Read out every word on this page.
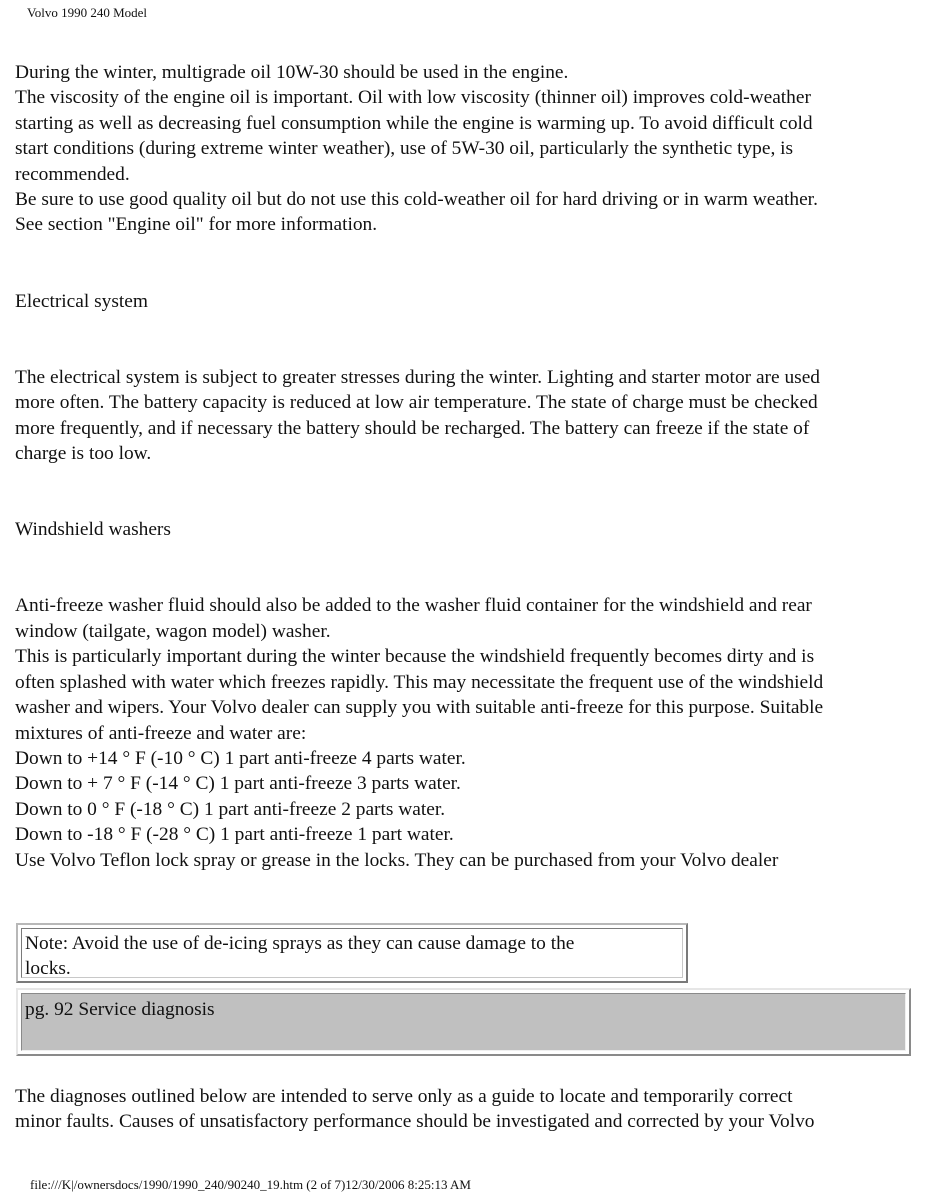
Volvo 1990 240 Model
During the winter, multigrade oil 10W-30 should be used in the engine.
The viscosity of the engine oil is important. Oil with low viscosity (thinner oil) improves cold-weather
starting as well as decreasing fuel consumption while the engine is warming up. To avoid difficult cold
start conditions (during extreme winter weather), use of 5W-30 oil, particularly the synthetic type, is
recommended.
Be sure to use good quality oil but do not use this cold-weather oil for hard driving or in warm weather.
See section "Engine oil" for more information.
Electrical system
The electrical system is subject to greater stresses during the winter. Lighting and starter motor are used
more often. The battery capacity is reduced at low air temperature. The state of charge must be checked
more frequently, and if necessary the battery should be recharged. The battery can freeze if the state of
charge is too low.
Windshield washers
Anti-freeze washer fluid should also be added to the washer fluid container for the windshield and rear
window (tailgate, wagon model) washer.
This is particularly important during the winter because the windshield frequently becomes dirty and is
often splashed with water which freezes rapidly. This may necessitate the frequent use of the windshield
washer and wipers. Your Volvo dealer can supply you with suitable anti-freeze for this purpose. Suitable
mixtures of anti-freeze and water are:
Down to +14 ° F (-10 ° C) 1 part anti-freeze 4 parts water.
Down to + 7 ° F (-14 ° C) 1 part anti-freeze 3 parts water.
Down to 0 ° F (-18 ° C) 1 part anti-freeze 2 parts water.
Down to -18 ° F (-28 ° C) 1 part anti-freeze 1 part water.
Use Volvo Teflon lock spray or grease in the locks. They can be purchased from your Volvo dealer
Note: Avoid the use of de-icing sprays as they can cause damage to the
locks.
pg. 92 Service diagnosis
The diagnoses outlined below are intended to serve only as a guide to locate and temporarily correct
minor faults. Causes of unsatisfactory performance should be investigated and corrected by your Volvo
file:///K|/ownersdocs/1990/1990_240/90240_19.htm (2 of 7)12/30/2006 8:25:13 AM
